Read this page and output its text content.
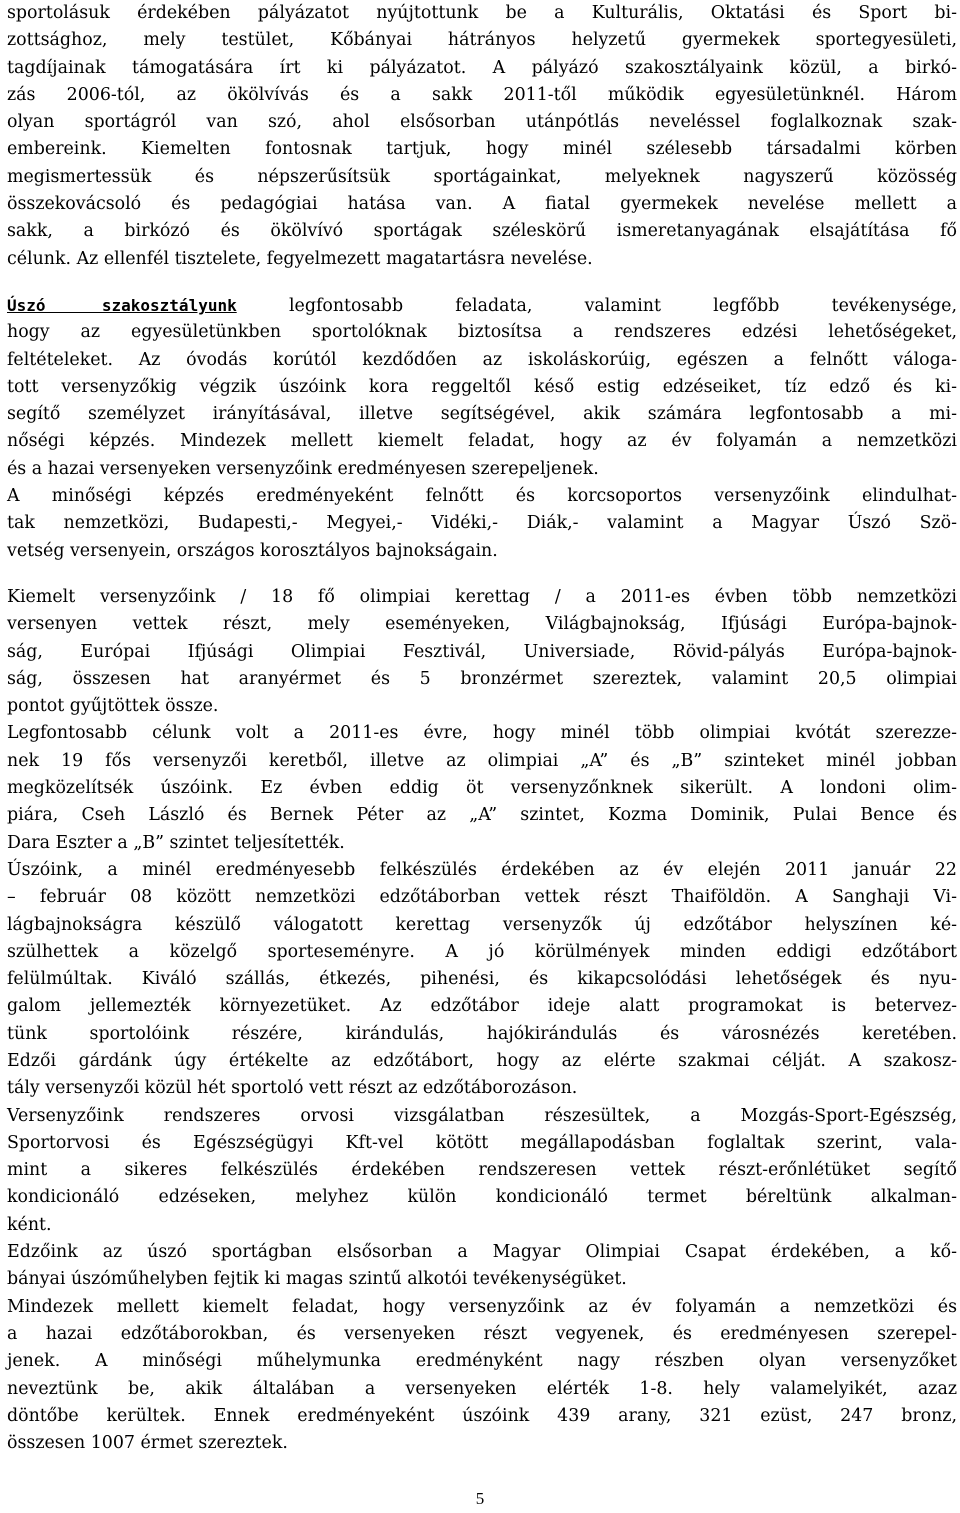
sportolásuk érdekében pályázatot nyújtottunk be a Kulturális, Oktatási és Sport bi-
zottsághoz, mely testület, Kőbányai hátrányos helyzetű gyermekek sportegyesületi,
tagdíjainak támogatására írt ki pályázatot. A pályázó szakosztályaink közül, a birkó-
zás 2006-tól, az ökölvívás és a sakk 2011-től működik egyesületünknél. Három
olyan sportágról van szó, ahol elsősorban utánpótlás neveléssel foglalkoznak szak-
embereink. Kiemelten fontosnak tartjuk, hogy minél szélesebb társadalmi körben
megismertessük és népszerűsítsük sportágainkat, melyeknek nagyszerű közösség
összekovácsoló és pedagógiai hatása van. A fiatal gyermekek nevelése mellett a
sakk, a birkózó és ökölvívó sportágak széleskörű ismeretanyagának elsajátítása fő
célunk. Az ellenfél tisztelete, fegyelmezett magatartásra nevelése.
Úszó szakosztályunk legfontosabb feladata, valamint legfőbb tevékenysége,
hogy az egyesületünkben sportolóknak biztosítsa a rendszeres edzési lehetőségeket,
feltételeket. Az óvodás korútól kezdődően az iskoláskorúig, egészen a felnőtt váloga-
tott versenyzőkig végzik úszóink kora reggeltől késő estig edzéseiket, tíz edző és ki-
segítő személyzet irányításával, illetve segítségével, akik számára legfontosabb a mi-
nőségi képzés. Mindezek mellett kiemelt feladat, hogy az év folyamán a nemzetközi
és a hazai versenyeken versenyzőink eredményesen szerepeljenek.
A minőségi képzés eredményeként felnőtt és korcsoportos versenyzőink elindulhat-
tak nemzetközi, Budapesti,- Megyei,- Vidéki,- Diák,- valamint a Magyar Úszó Szö-
vetség versenyein, országos korosztályos bajnokságain.
Kiemelt versenyzőink / 18 fő olimpiai kerettag / a 2011-es évben több nemzetközi
versenyen vettek részt, mely eseményeken, Világbajnokság, Ifjúsági Európa-bajnok-
ság, Európai Ifjúsági Olimpiai Fesztivál, Universiade, Rövid-pályás Európa-bajnok-
ság, összesen hat aranyérmet és 5 bronzérmet szereztek, valamint 20,5 olimpiai
pontot gyűjtöttek össze.
Legfontosabb célunk volt a 2011-es évre, hogy minél több olimpiai kvótát szerezze-
nek 19 fős versenyzői keretből, illetve az olimpiai „A” és „B” szinteket minél jobban
megközelítsék úszóink. Ez évben eddig öt versenyzőnknek sikerült. A londoni olim-
piára, Cseh László és Bernek Péter az „A” szintet, Kozma Dominik, Pulai Bence és
Dara Eszter a „B” szintet teljesítették.
Úszóink, a minél eredményesebb felkészülés érdekében az év elején 2011 január 22
– február 08 között nemzetközi edzőtáborban vettek részt Thaiföldön. A Sanghaji Vi-
lágbajnokságra készülő válogatott kerettag versenyzők új edzőtábor helyszínen ké-
szülhettek a közelgő sporteseményre. A jó körülmények minden eddigi edzőtábort
felülmúltak. Kiváló szállás, étkezés, pihenési, és kikapcsolódási lehetőségek és nyu-
galom jellemezték környezetüket. Az edzőtábor ideje alatt programokat is betervez-
tünk sportolóink részére, kirándulás, hajókirándulás és városnézés keretében.
Edzői gárdánk úgy értékelte az edzőtábort, hogy az elérte szakmai célját. A szakosz-
tály versenyzői közül hét sportoló vett részt az edzőtáborozáson.
Versenyzőink rendszeres orvosi vizsgálatban részesültek, a Mozgás-Sport-Egészség,
Sportorvosi és Egészségügyi Kft-vel kötött megállapodásban foglaltak szerint, vala-
mint a sikeres felkészülés érdekében rendszeresen vettek részt-erőnlétüket segítő
kondicionáló edzéseken, melyhez külön kondicionáló termet béreltünk alkalman-
ként.
Edzőink az úszó sportágban elsősorban a Magyar Olimpiai Csapat érdekében, a kő-
bányai úszóműhelyben fejtik ki magas szintű alkotói tevékenységüket.
Mindezek mellett kiemelt feladat, hogy versenyzőink az év folyamán a nemzetközi és
a hazai edzőtáborokban, és versenyeken részt vegyenek, és eredményesen szerepel-
jenek. A minőségi műhelymunka eredményként nagy részben olyan versenyzőket
neveztünk be, akik általában a versenyeken elérték 1-8. hely valamelyikét, azaz
döntőbe kerültek. Ennek eredményeként úszóink 439 arany, 321 ezüst, 247 bronz,
összesen 1007 érmet szereztek.
5
